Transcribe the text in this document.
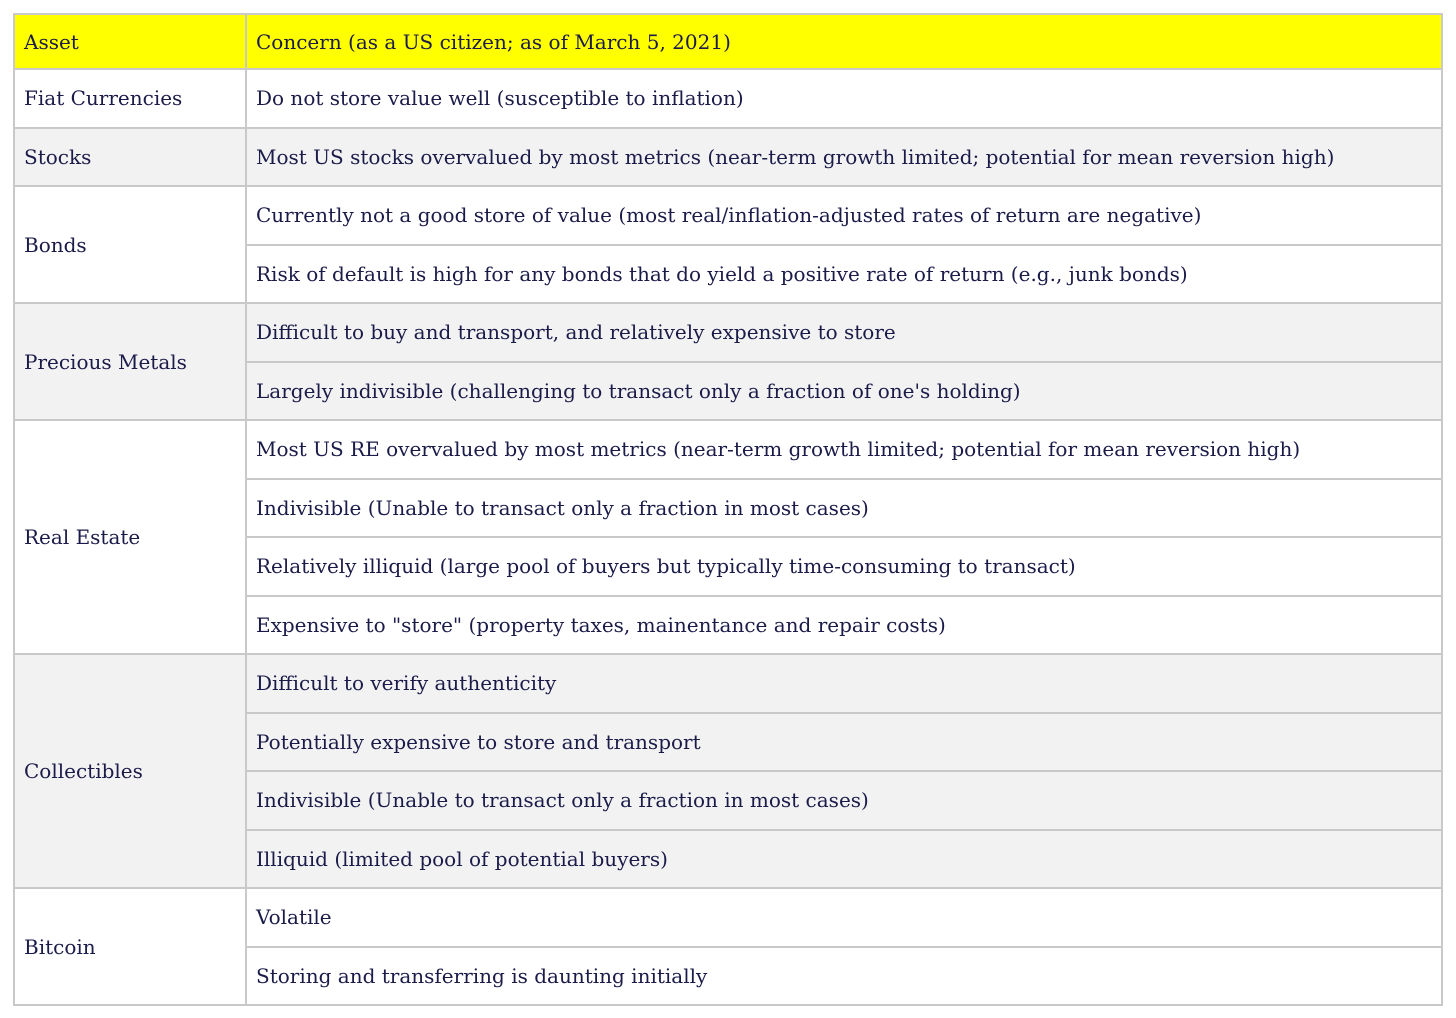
Asset	Concern (as a US citizen; as of March 5, 2021)
Fiat Currencies	Do not store value well (susceptible to inflation)
Stocks	Most US stocks overvalued by most metrics (near-term growth limited; potential for mean reversion high)
Bonds	Currently not a good store of value (most real/inflation-adjusted rates of return are negative)
	Risk of default is high for any bonds that do yield a positive rate of return (e.g., junk bonds)
Precious Metals	Difficult to buy and transport, and relatively expensive to store
	Largely indivisible (challenging to transact only a fraction of one's holding)
Real Estate	Most US RE overvalued by most metrics (near-term growth limited; potential for mean reversion high)
	Indivisible (Unable to transact only a fraction in most cases)
	Relatively illiquid (large pool of buyers but typically time-consuming to transact)
	Expensive to "store" (property taxes, mainentance and repair costs)
Collectibles	Difficult to verify authenticity
	Potentially expensive to store and transport
	Indivisible (Unable to transact only a fraction in most cases)
	Illiquid (limited pool of potential buyers)
Bitcoin	Volatile
	Storing and transferring is daunting initially
